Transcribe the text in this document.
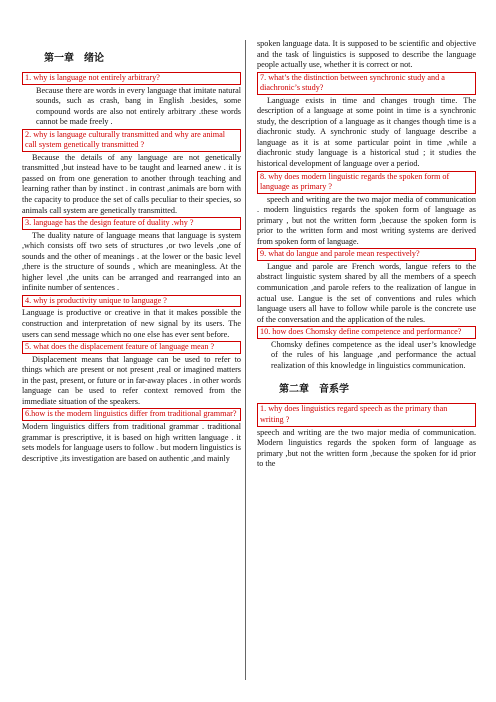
第一章　绪论
1. why is language not entirely arbitrary?
Because there are words in every language that imitate natural sounds, such as crash, bang in English .besides, some compound words are also not entirely arbitrary .these words cannot be made freely .
2. why is language culturally transmitted and why are animal call system genetically transmitted ?
Because the details of any language are not genetically transmitted ,but instead have to be taught and learned anew . it is passed on from one generation to another through teaching and learning rather than by instinct . in contrast ,animals are born with the capacity to produce the set of calls peculiar to their species, so animals call system are genetically transmitted.
3. language has the design feature of duality .why ?
The duality nature of language means that language is system ,which consists off two sets of structures ,or two levels ,one of sounds and the other of meanings . at the lower or the basic level ,there is the structure of sounds , which are meaningless. At the higher level ,the units can be arranged and rearranged into an infinite number of sentences .
4. why is productivity unique to language ?
Language is productive or creative in that it makes possible the construction and interpretation of new signal by its users. The users can send message which no one else has ever sent before.
5. what does the displacement feature of language mean ?
Displacement means that language can be used to refer to things which are present or not present ,real or imagined matters in the past, present, or future or in far-away places . in other words language can be used to refer context removed from the immediate situation of the speakers.
6.how is the modern linguistics differ from traditional grammar?
Modern linguistics differs from traditional grammar . traditional grammar is prescriptive, it is based on high written language . it sets models for language users to follow . but modern linguistics is descriptive ,its investigation are based on authentic ,and mainly
spoken language data. It is supposed to be scientific and objective and the task of linguistics is supposed to describe the language people actually use, whether it is correct or not.
7. what’s the distinction between synchronic study and a diachronic’s study?
Language exists in time and changes trough time. The description of a language at some point in time is a synchronic study, the description of a language as it changes though time is a diachronic study. A synchronic study of language describe a language as it is at some particular point in time ,while a diachronic study language is a historical stud ; it studies the historical development of language over a period.
8. why does modern linguistic regards the spoken form of language as primary ?
speech and writing are the two major media of communication . modern linguistics regards the spoken form of language as primary , but not the written form ,because the spoken form is prior to the written form and most writing systems are derived from spoken form of language.
9. what do langue and parole mean respectively?
Langue and parole are French words, langue refers to the abstract linguistic system shared by all the members of a speech communication ,and parole refers to the realization of langue in actual use. Langue is the set of conventions and rules which language users all have to follow while parole is the concrete use of the conversation and the application of the rules.
10. how does Chomsky define competence and performance?
Chomsky defines competence as the ideal user’s knowledge of the rules of his language ,and performance the actual realization of this knowledge in linguistics communication.
第二章　音系学
1. why does linguistics regard speech as the primary than writing ?
speech and writing are the two major media of communication. Modern linguistics regards the spoken form of language as primary ,but not the written form ,because the spoken for id prior to the
